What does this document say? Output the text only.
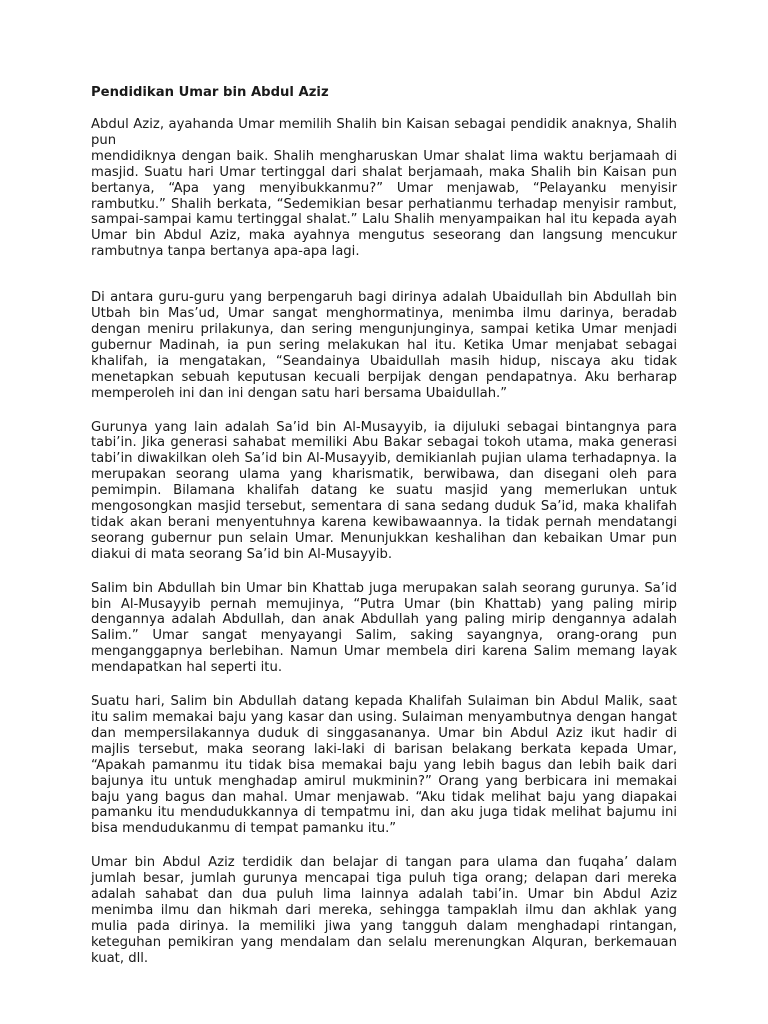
Pendidikan Umar bin Abdul Aziz

Abdul Aziz, ayahanda Umar memilih Shalih bin Kaisan sebagai pendidik anaknya, Shalih pun
mendidiknya dengan baik. Shalih mengharuskan Umar shalat lima waktu berjamaah di masjid. Suatu hari Umar tertinggal dari shalat berjamaah, maka Shalih bin Kaisan pun bertanya, “Apa yang menyibukkanmu?” Umar menjawab, “Pelayanku menyisir rambutku.” Shalih berkata, “Sedemikian besar perhatianmu terhadap menyisir rambut, sampai-sampai kamu tertinggal shalat.” Lalu Shalih menyampaikan hal itu kepada ayah Umar bin Abdul Aziz, maka ayahnya mengutus seseorang dan langsung mencukur rambutnya tanpa bertanya apa-apa lagi.

Di antara guru-guru yang berpengaruh bagi dirinya adalah Ubaidullah bin Abdullah bin Utbah bin Mas’ud, Umar sangat menghormatinya, menimba ilmu darinya, beradab dengan meniru prilakunya, dan sering mengunjunginya, sampai ketika Umar menjadi gubernur Madinah, ia pun sering melakukan hal itu. Ketika Umar menjabat sebagai khalifah, ia mengatakan, “Seandainya Ubaidullah masih hidup, niscaya aku tidak menetapkan sebuah keputusan kecuali berpijak dengan pendapatnya. Aku berharap memperoleh ini dan ini dengan satu hari bersama Ubaidullah.”

Gurunya yang lain adalah Sa’id bin Al-Musayyib, ia dijuluki sebagai bintangnya para tabi’in. Jika generasi sahabat memiliki Abu Bakar sebagai tokoh utama, maka generasi tabi’in diwakilkan oleh Sa’id bin Al-Musayyib, demikianlah pujian ulama terhadapnya. Ia merupakan seorang ulama yang kharismatik, berwibawa, dan disegani oleh para pemimpin. Bilamana khalifah datang ke suatu masjid yang memerlukan untuk mengosongkan masjid tersebut, sementara di sana sedang duduk Sa’id, maka khalifah tidak akan berani menyentuhnya karena kewibawaannya. Ia tidak pernah mendatangi seorang gubernur pun selain Umar. Menunjukkan keshalihan dan kebaikan Umar pun diakui di mata seorang Sa’id bin Al-Musayyib.

Salim bin Abdullah bin Umar bin Khattab juga merupakan salah seorang gurunya. Sa’id bin Al-Musayyib pernah memujinya, “Putra Umar (bin Khattab) yang paling mirip dengannya adalah Abdullah, dan anak Abdullah yang paling mirip dengannya adalah Salim.” Umar sangat menyayangi Salim, saking sayangnya, orang-orang pun menganggapnya berlebihan. Namun Umar membela diri karena Salim memang layak mendapatkan hal seperti itu.

Suatu hari, Salim bin Abdullah datang kepada Khalifah Sulaiman bin Abdul Malik, saat itu salim memakai baju yang kasar dan using. Sulaiman menyambutnya dengan hangat dan mempersilakannya duduk di singgasananya. Umar bin Abdul Aziz ikut hadir di majlis tersebut, maka seorang laki-laki di barisan belakang berkata kepada Umar, “Apakah pamanmu itu tidak bisa memakai baju yang lebih bagus dan lebih baik dari bajunya itu untuk menghadap amirul mukminin?” Orang yang berbicara ini memakai baju yang bagus dan mahal. Umar menjawab. “Aku tidak melihat baju yang diapakai pamanku itu mendudukkannya di tempatmu ini, dan aku juga tidak melihat bajumu ini bisa mendudukanmu di tempat pamanku itu.”

Umar bin Abdul Aziz terdidik dan belajar di tangan para ulama dan fuqaha’ dalam jumlah besar, jumlah gurunya mencapai tiga puluh tiga orang; delapan dari mereka adalah sahabat dan dua puluh lima lainnya adalah tabi’in. Umar bin Abdul Aziz menimba ilmu dan hikmah dari mereka, sehingga tampaklah ilmu dan akhlak yang mulia pada dirinya. Ia memiliki jiwa yang tangguh dalam menghadapi rintangan, keteguhan pemikiran yang mendalam dan selalu merenungkan Alquran, berkemauan kuat, dll.
